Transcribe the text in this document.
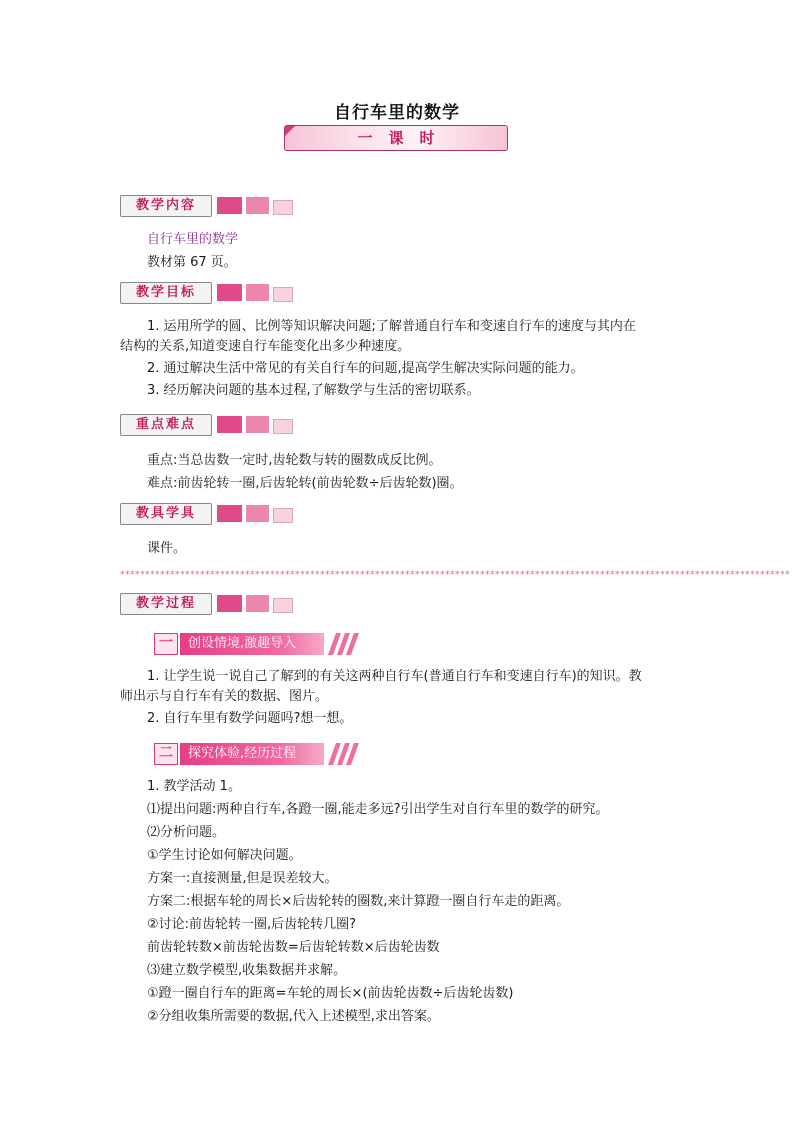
自行车里的数学
一课时
教学内容
自行车里的数学
教材第 67 页。
教学目标
1. 运用所学的圆、比例等知识解决问题;了解普通自行车和变速自行车的速度与其内在
结构的关系,知道变速自行车能变化出多少种速度。
2. 通过解决生活中常见的有关自行车的问题,提高学生解决实际问题的能力。
3. 经历解决问题的基本过程,了解数学与生活的密切联系。
重点难点
重点:当总齿数一定时,齿轮数与转的圈数成反比例。
难点:前齿轮转一圈,后齿轮转(前齿轮数÷后齿轮数)圈。
教具学具
课件。
**************************************************************************************************************************************
教学过程
一	创设情境,激趣导入
1. 让学生说一说自己了解到的有关这两种自行车(普通自行车和变速自行车)的知识。教
师出示与自行车有关的数据、图片。
2. 自行车里有数学问题吗?想一想。
二	探究体验,经历过程
1. 教学活动 1。
⑴提出问题:两种自行车,各蹬一圈,能走多远?引出学生对自行车里的数学的研究。
⑵分析问题。
①学生讨论如何解决问题。
方案一:直接测量,但是误差较大。
方案二:根据车轮的周长×后齿轮转的圈数,来计算蹬一圈自行车走的距离。
②讨论:前齿轮转一圈,后齿轮转几圈?
前齿轮转数×前齿轮齿数=后齿轮转数×后齿轮齿数
⑶建立数学模型,收集数据并求解。
①蹬一圈自行车的距离=车轮的周长×(前齿轮齿数÷后齿轮齿数)
②分组收集所需要的数据,代入上述模型,求出答案。
